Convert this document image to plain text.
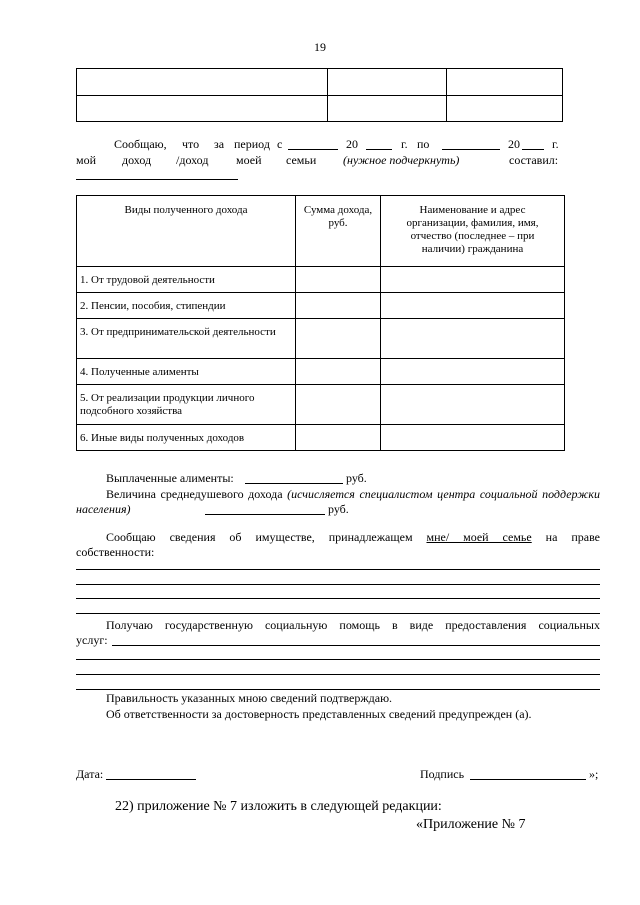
19

Сообщаю, что за период с	20	г. по	20	г.
мой доход /доход моей семьи (нужное подчеркнуть)	составил:
Виды полученного дохода	Сумма дохода, руб.	Наименование и адрес организации, фамилия, имя, отчество (последнее – при наличии) гражданина
1. От трудовой деятельности		
2. Пенсии, пособия, стипендии		
3. От предпринимательской деятельности		
4. Полученные алименты		
5. От реализации продукции личного подсобного хозяйства		
6. Иные виды полученных доходов		
Выплаченные алименты:	руб.
Величина среднедушевого дохода (исчисляется специалистом центра социальной поддержки населения)	руб.
Сообщаю сведения об имуществе, принадлежащем мне/ моей семье на праве
собственности:
Получаю государственную социальную помощь в виде предоставления социальных
услуг:
Правильность указанных мною сведений подтверждаю.
Об ответственности за достоверность представленных сведений предупрежден (а).
Дата:	Подпись	»;
22) приложение № 7 изложить в следующей редакции:
«Приложение № 7
